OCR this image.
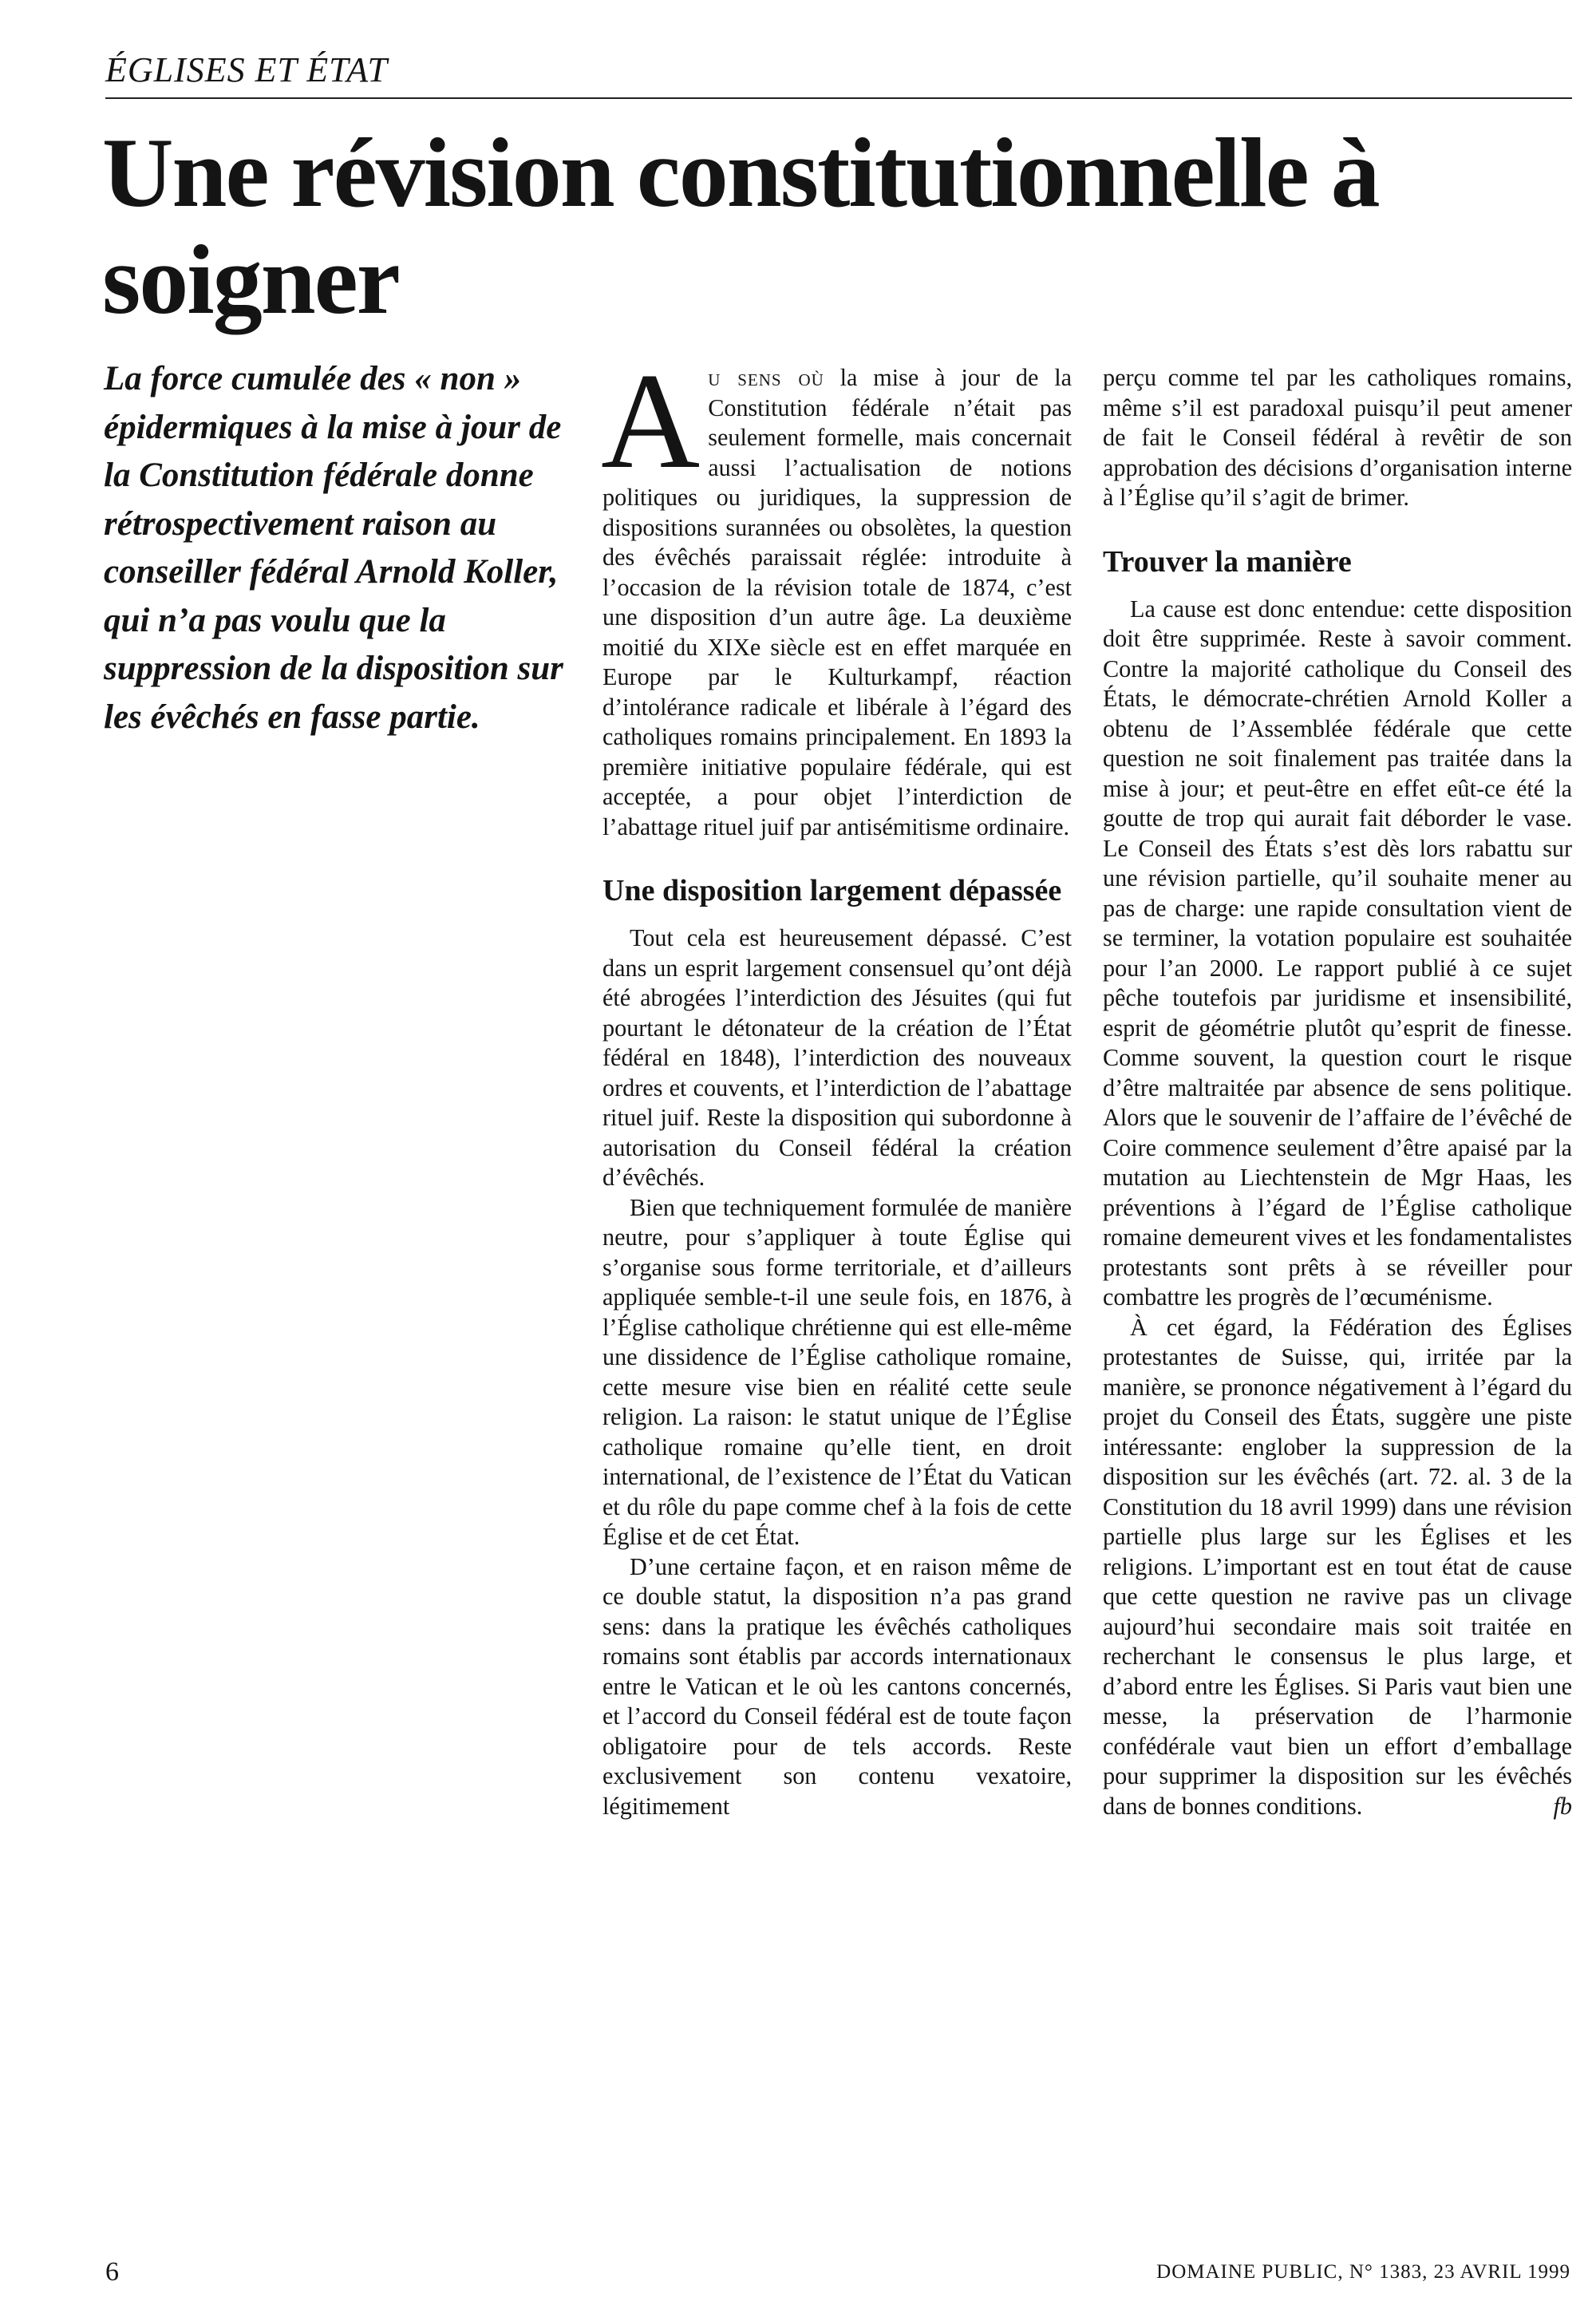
ÉGLISES ET ÉTAT
Une révision constitutionnelle à soigner

La force cumulée des « non » épidermiques à la mise à jour de la Constitution fédérale donne rétrospectivement raison au conseiller fédéral Arnold Koller, qui n’a pas voulu que la suppression de la disposition sur les évêchés en fasse partie.

Au sens où la mise à jour de la Constitution fédérale n’était pas seulement formelle, mais concernait aussi l’actualisation de notions politiques ou juridiques, la suppression de dispositions surannées ou obsolètes, la question des évêchés paraissait réglée: introduite à l’occasion de la révision totale de 1874, c’est une disposition d’un autre âge. La deuxième moitié du XIXe siècle est en effet marquée en Europe par le Kulturkampf, réaction d’intolérance radicale et libérale à l’égard des catholiques romains principalement. En 1893 la première initiative populaire fédérale, qui est acceptée, a pour objet l’interdiction de l’abattage rituel juif par antisémitisme ordinaire.

Une disposition largement dépassée

Tout cela est heureusement dépassé. C’est dans un esprit largement consensuel qu’ont déjà été abrogées l’interdiction des Jésuites (qui fut pourtant le détonateur de la création de l’État fédéral en 1848), l’interdiction des nouveaux ordres et couvents, et l’interdiction de l’abattage rituel juif. Reste la disposition qui subordonne à autorisation du Conseil fédéral la création d’évêchés.

Bien que techniquement formulée de manière neutre, pour s’appliquer à toute Église qui s’organise sous forme territoriale, et d’ailleurs appliquée semble-t-il une seule fois, en 1876, à l’Église catholique chrétienne qui est elle-même une dissidence de l’Église catholique romaine, cette mesure vise bien en réalité cette seule religion. La raison: le statut unique de l’Église catholique romaine qu’elle tient, en droit international, de l’existence de l’État du Vatican et du rôle du pape comme chef à la fois de cette Église et de cet État.

D’une certaine façon, et en raison même de ce double statut, la disposition n’a pas grand sens: dans la pratique les évêchés catholiques romains sont établis par accords internationaux entre le Vatican et le où les cantons concernés, et l’accord du Conseil fédéral est de toute façon obligatoire pour de tels accords. Reste exclusivement son contenu vexatoire, légitimement

perçu comme tel par les catholiques romains, même s’il est paradoxal puisqu’il peut amener de fait le Conseil fédéral à revêtir de son approbation des décisions d’organisation interne à l’Église qu’il s’agit de brimer.

Trouver la manière

La cause est donc entendue: cette disposition doit être supprimée. Reste à savoir comment. Contre la majorité catholique du Conseil des États, le démocrate-chrétien Arnold Koller a obtenu de l’Assemblée fédérale que cette question ne soit finalement pas traitée dans la mise à jour; et peut-être en effet eût-ce été la goutte de trop qui aurait fait déborder le vase. Le Conseil des États s’est dès lors rabattu sur une révision partielle, qu’il souhaite mener au pas de charge: une rapide consultation vient de se terminer, la votation populaire est souhaitée pour l’an 2000. Le rapport publié à ce sujet pêche toutefois par juridisme et insensibilité, esprit de géométrie plutôt qu’esprit de finesse. Comme souvent, la question court le risque d’être maltraitée par absence de sens politique. Alors que le souvenir de l’affaire de l’évêché de Coire commence seulement d’être apaisé par la mutation au Liechtenstein de Mgr Haas, les préventions à l’égard de l’Église catholique romaine demeurent vives et les fondamentalistes protestants sont prêts à se réveiller pour combattre les progrès de l’œcuménisme.

À cet égard, la Fédération des Églises protestantes de Suisse, qui, irritée par la manière, se prononce négativement à l’égard du projet du Conseil des États, suggère une piste intéressante: englober la suppression de la disposition sur les évêchés (art. 72. al. 3 de la Constitution du 18 avril 1999) dans une révision partielle plus large sur les Églises et les religions. L’important est en tout état de cause que cette question ne ravive pas un clivage aujourd’hui secondaire mais soit traitée en recherchant le consensus le plus large, et d’abord entre les Églises. Si Paris vaut bien une messe, la préservation de l’harmonie confédérale vaut bien un effort d’emballage pour supprimer la disposition sur les évêchés dans de bonnes conditions.	fb

6	DOMAINE PUBLIC, N° 1383, 23 AVRIL 1999
